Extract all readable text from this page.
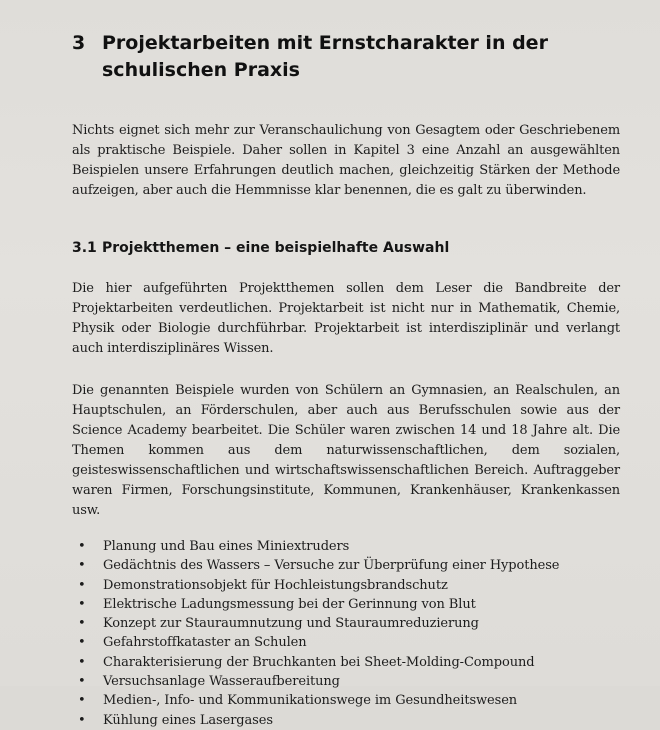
3 Projektarbeiten mit Ernstcharakter in der
schulischen Praxis

Nichts eignet sich mehr zur Veranschaulichung von Gesagtem oder Geschriebenem als praktische Beispiele. Daher sollen in Kapitel 3 eine Anzahl an ausgewählten Beispielen unsere Erfahrungen deutlich machen, gleichzeitig Stärken der Methode aufzeigen, aber auch die Hemmnisse klar benennen, die es galt zu überwinden.

3.1 Projektthemen – eine beispielhafte Auswahl

Die hier aufgeführten Projektthemen sollen dem Leser die Bandbreite der Projektarbeiten verdeutlichen. Projektarbeit ist nicht nur in Mathematik, Chemie, Physik oder Biologie durchführbar. Projektarbeit ist interdisziplinär und verlangt auch interdisziplinäres Wissen.

Die genannten Beispiele wurden von Schülern an Gymnasien, an Realschulen, an Hauptschulen, an Förderschulen, aber auch aus Berufsschulen sowie aus der Science Academy bearbeitet. Die Schüler waren zwischen 14 und 18 Jahre alt. Die Themen kommen aus dem naturwissenschaftlichen, dem sozialen, geisteswissenschaftlichen und wirtschaftswissenschaftlichen Bereich. Auftraggeber waren Firmen, Forschungsinstitute, Kommunen, Krankenhäuser, Krankenkassen usw.

• Planung und Bau eines Miniextruders
• Gedächtnis des Wassers – Versuche zur Überprüfung einer Hypothese
• Demonstrationsobjekt für Hochleistungsbrandschutz
• Elektrische Ladungsmessung bei der Gerinnung von Blut
• Konzept zur Stauraumnutzung und Stauraumreduzierung
• Gefahrstoffkataster an Schulen
• Charakterisierung der Bruchkanten bei Sheet-Molding-Compound
• Versuchsanlage Wasseraufbereitung
• Medien-, Info- und Kommunikationswege im Gesundheitswesen
• Kühlung eines Lasergases
